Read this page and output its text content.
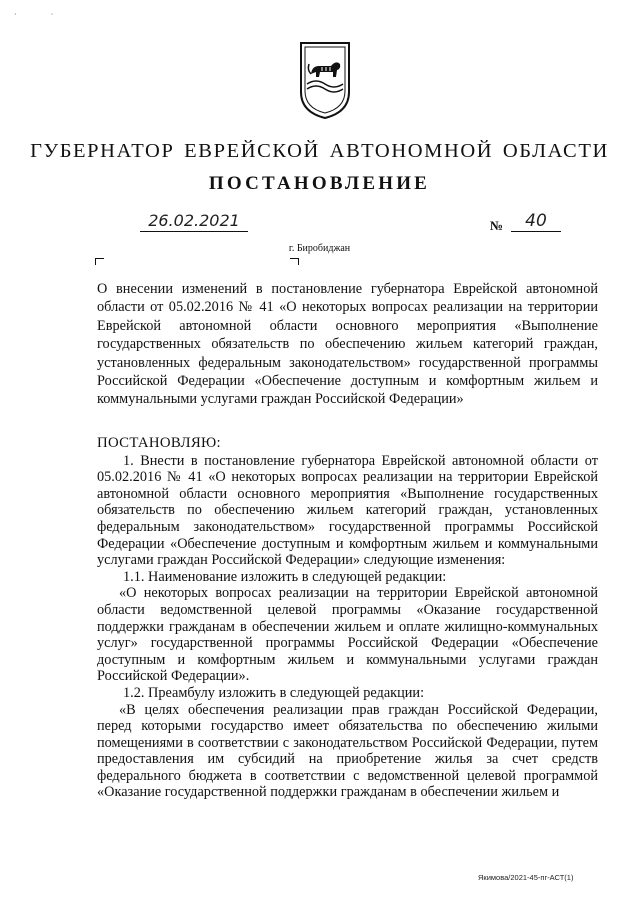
· ·
ГУБЕРНАТОР ЕВРЕЙСКОЙ АВТОНОМНОЙ ОБЛАСТИ
ПОСТАНОВЛЕНИЕ
26.02.2021	№	40
г. Биробиджан
О внесении изменений в постановление губернатора Еврейской автономной области от 05.02.2016 № 41 «О некоторых вопросах реализации на территории Еврейской автономной области основного мероприятия «Выполнение государственных обязательств по обеспечению жильем категорий граждан, установленных федеральным законодательством» государственной программы Российской Федерации «Обеспечение доступным и комфортным жильем и коммунальными услугами граждан Российской Федерации»

ПОСТАНОВЛЯЮ:

1. Внести в постановление губернатора Еврейской автономной области от 05.02.2016 № 41 «О некоторых вопросах реализации на территории Еврейской автономной области основного мероприятия «Выполнение государственных обязательств по обеспечению жильем категорий граждан, установленных федеральным законодательством» государственной программы Российской Федерации «Обеспечение доступным и комфортным жильем и коммунальными услугами граждан Российской Федерации» следующие изменения:

1.1. Наименование изложить в следующей редакции:

«О некоторых вопросах реализации на территории Еврейской автономной области ведомственной целевой программы «Оказание государственной поддержки гражданам в обеспечении жильем и оплате жилищно-коммунальных услуг» государственной программы Российской Федерации «Обеспечение доступным и комфортным жильем и коммунальными услугами граждан Российской Федерации».

1.2. Преамбулу изложить в следующей редакции:

«В целях обеспечения реализации прав граждан Российской Федерации, перед которыми государство имеет обязательства по обеспечению жилыми помещениями в соответствии с законодательством Российской Федерации, путем предоставления им субсидий на приобретение жилья за счет средств федерального бюджета в соответствии с ведомственной целевой программой «Оказание государственной поддержки гражданам в обеспечении жильем и

Якимова/2021-45-пг-АСТ(1)
